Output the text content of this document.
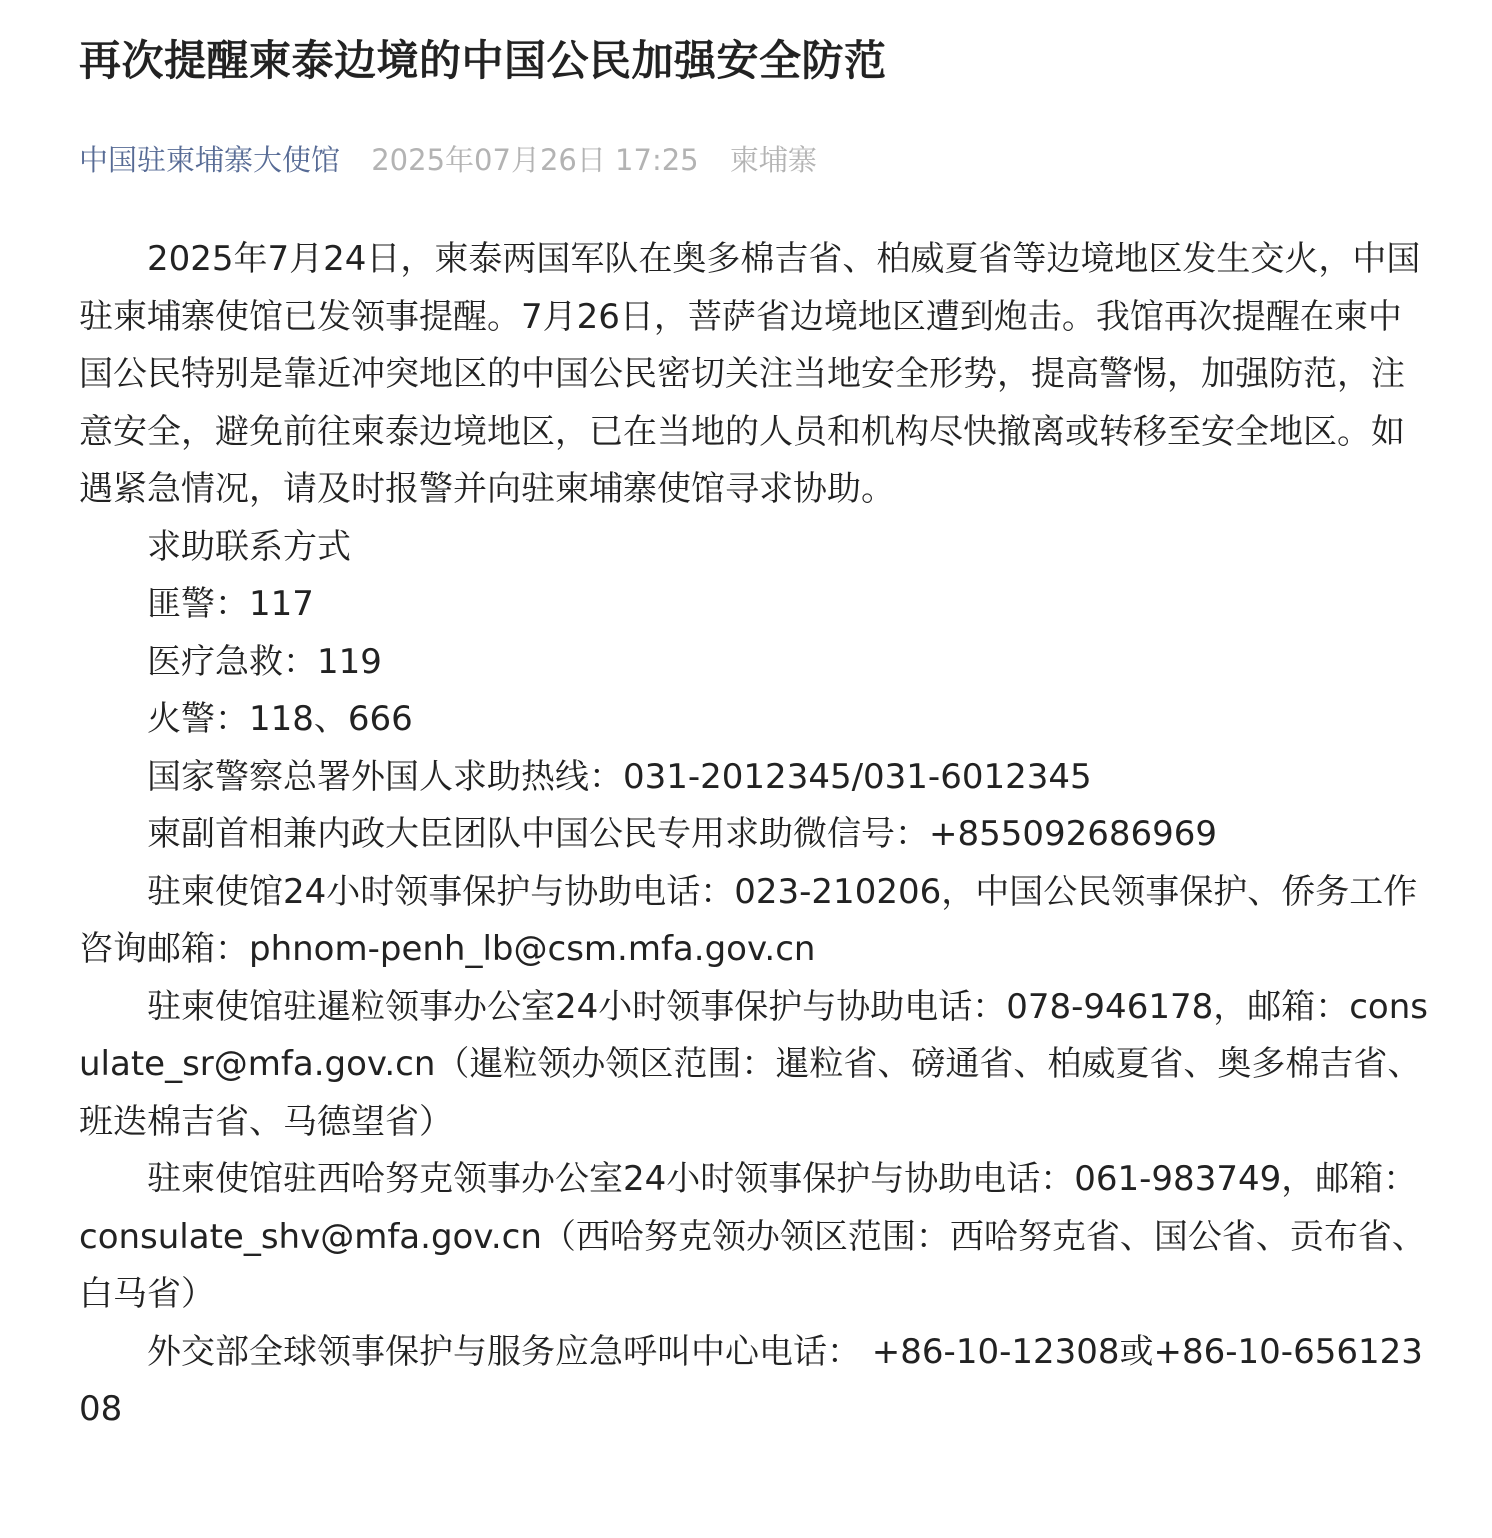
再次提醒柬泰边境的中国公民加强安全防范
中国驻柬埔寨大使馆 2025年07月26日 17:25 柬埔寨

2025年7月24日，柬泰两国军队在奥多棉吉省、柏威夏省等边境地区发生交火，中国驻柬埔寨使馆已发领事提醒。7月26日，菩萨省边境地区遭到炮击。我馆再次提醒在柬中国公民特别是靠近冲突地区的中国公民密切关注当地安全形势，提高警惕，加强防范，注意安全，避免前往柬泰边境地区，已在当地的人员和机构尽快撤离或转移至安全地区。如遇紧急情况，请及时报警并向驻柬埔寨使馆寻求协助。

求助联系方式

匪警：117

医疗急救：119

火警：118、666

国家警察总署外国人求助热线：031-2012345/031-6012345

柬副首相兼内政大臣团队中国公民专用求助微信号：+855092686969

驻柬使馆24小时领事保护与协助电话：023-210206，中国公民领事保护、侨务工作咨询邮箱：phnom-penh_lb@csm.mfa.gov.cn

驻柬使馆驻暹粒领事办公室24小时领事保护与协助电话：078-946178，邮箱：consulate_sr@mfa.gov.cn（暹粒领办领区范围：暹粒省、磅通省、柏威夏省、奥多棉吉省、班迭棉吉省、马德望省）

驻柬使馆驻西哈努克领事办公室24小时领事保护与协助电话：061-983749，邮箱：consulate_shv@mfa.gov.cn（西哈努克领办领区范围：西哈努克省、国公省、贡布省、白马省）

外交部全球领事保护与服务应急呼叫中心电话： +86-10-12308或+86-10-65612308
